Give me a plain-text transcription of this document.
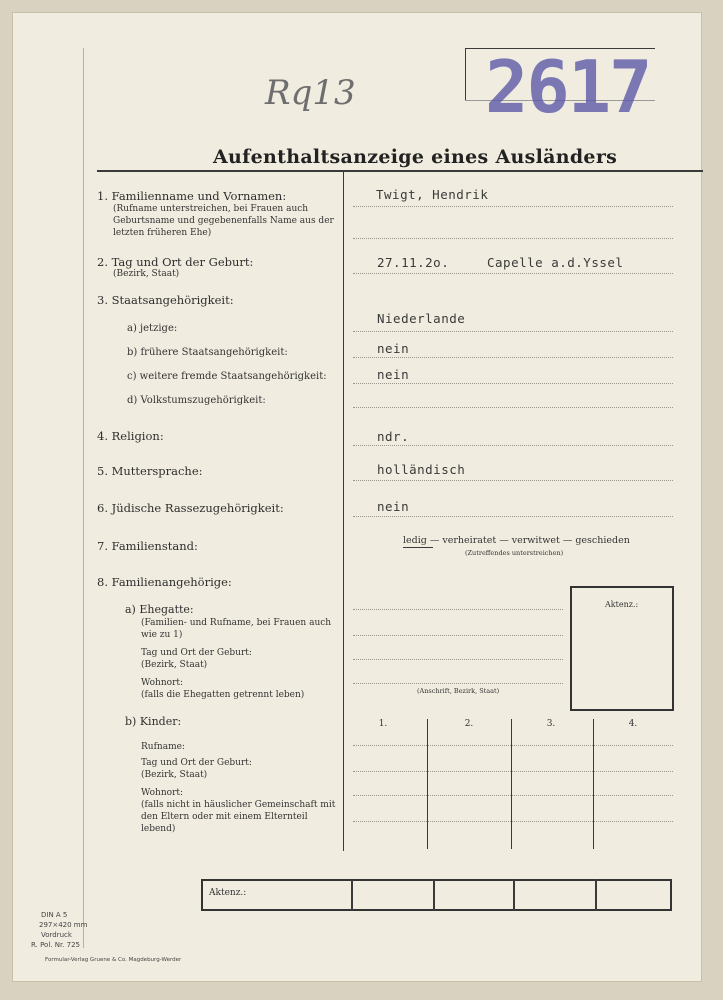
2617
Rq13
Aufenthaltsanzeige eines Ausländers
1. Familienname und Vornamen:
(Rufname unterstreichen, bei Frauen auch Geburtsname und gegebenenfalls Name aus der letzten früheren Ehe)
Twigt, Hendrik
2. Tag und Ort der Geburt:
(Bezirk, Staat)
27.11.2o.	Capelle a.d.Yssel
3. Staatsangehörigkeit:
a) jetzige:
Niederlande
b) frühere Staatsangehörigkeit:	nein
c) weitere fremde Staatsangehörigkeit:	nein
d) Volkstumszugehörigkeit:
4. Religion:	ndr.
5. Muttersprache:	holländisch
6. Jüdische Rassezugehörigkeit:	nein
7. Familienstand:	ledig — verheiratet — verwitwet — geschieden
(Zutreffendes unterstreichen)
8. Familienangehörige:
a) Ehegatte:
(Familien- und Rufname, bei Frauen auch wie zu 1)
Tag und Ort der Geburt:
(Bezirk, Staat)
Wohnort:
(falls die Ehegatten getrennt leben)	(Anschrift, Bezirk, Staat)
Aktenz.:
b) Kinder:
Rufname:
Tag und Ort der Geburt:
(Bezirk, Staat)
Wohnort:
(falls nicht in häuslicher Gemeinschaft mit den Eltern oder mit einem Elternteil lebend)
1.	2.	3.	4.
Aktenz.:
DIN A 5
297×420 mm
Vordruck
R. Pol. Nr. 725
Formular-Verlag Gruene & Co. Magdeburg-Werder
